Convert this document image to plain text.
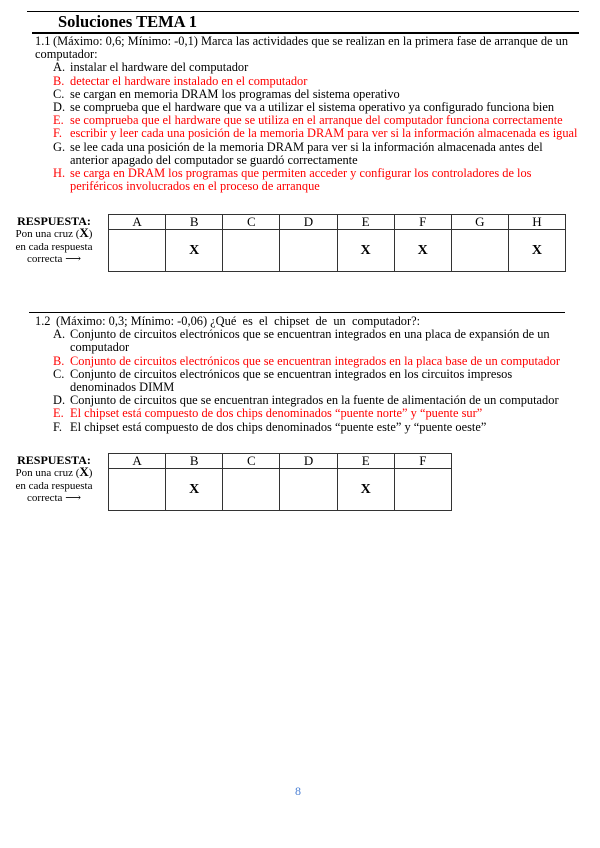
Soluciones TEMA 1
1.1 (Máximo: 0,6; Mínimo: -0,1) Marca las actividades que se realizan en la primera fase de arranque de un
computador:
A. instalar el hardware del computador
B. detectar el hardware instalado en el computador
C. se cargan en memoria DRAM los programas del sistema operativo
D. se comprueba que el hardware que va a utilizar el sistema operativo ya configurado funciona bien
E. se comprueba que el hardware que se utiliza en el arranque del computador funciona correctamente
F. escribir y leer cada una posición de la memoria DRAM para ver si la información almacenada es igual
G. se lee cada una posición de la memoria DRAM para ver si la información almacenada antes del anterior apagado del computador se guardó correctamente
H. se carga en DRAM los programas que permiten acceder y configurar los controladores de los periféricos involucrados en el proceso de arranque
RESPUESTA:
Pon una cruz (X)
en cada respuesta
correcta ⟶
A	B	C	D	E	F	G	H
	X			X	X		X
1.2 (Máximo: 0,3; Mínimo: -0,06) ¿Qué  es  el  chipset  de  un  computador?:
A. Conjunto de circuitos electrónicos que se encuentran integrados en una placa de expansión de un computador
B. Conjunto de circuitos electrónicos que se encuentran integrados en la placa base de un computador
C. Conjunto de circuitos electrónicos que se encuentran integrados en los circuitos impresos denominados DIMM
D. Conjunto de circuitos que se encuentran integrados en la fuente de alimentación de un computador
E. El chipset está compuesto de dos chips denominados “puente norte” y “puente sur”
F. El chipset está compuesto de dos chips denominados “puente este” y “puente oeste”
RESPUESTA:
Pon una cruz (X)
en cada respuesta
correcta ⟶
A	B	C	D	E	F
	X			X	
8
